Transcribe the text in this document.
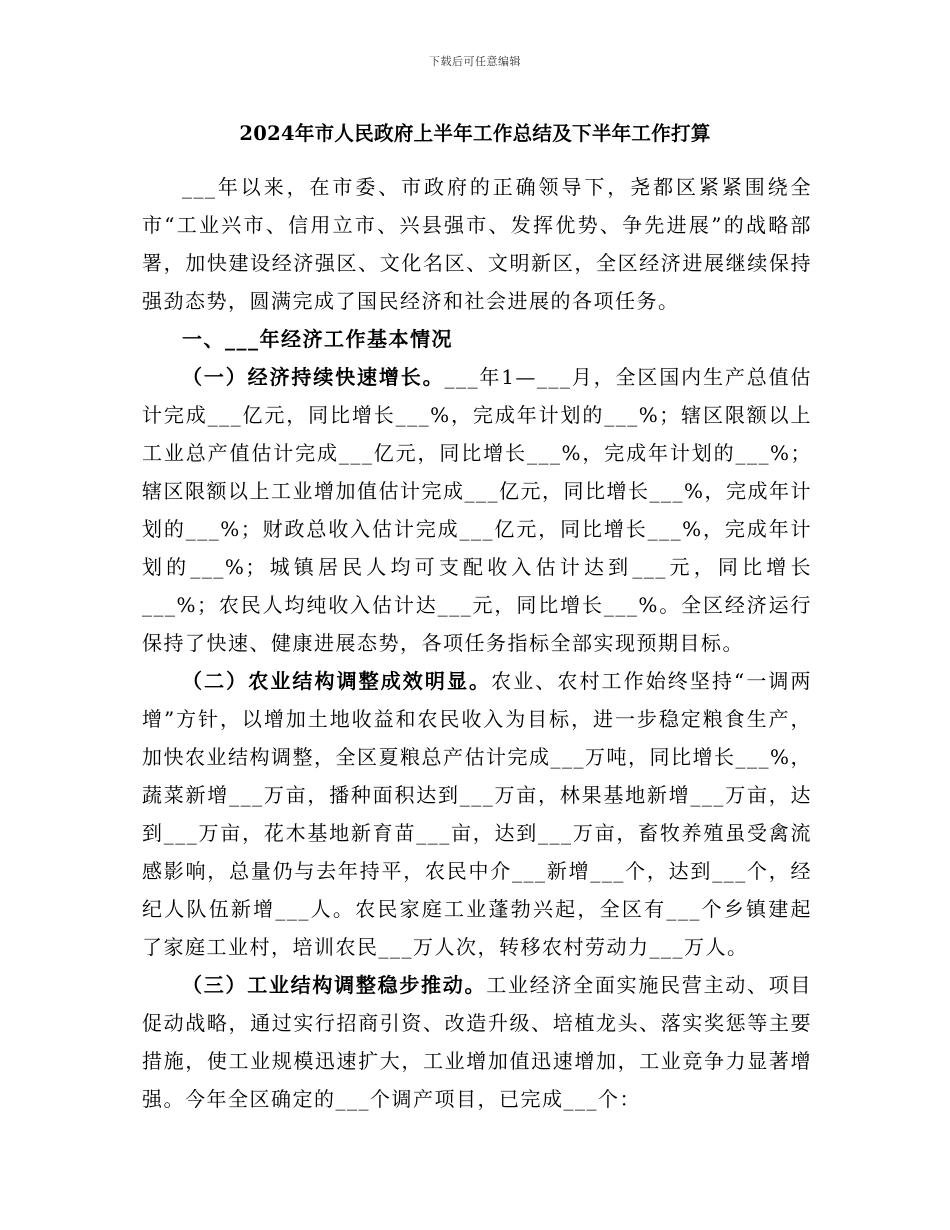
下载后可任意编辑
2024年市人民政府上半年工作总结及下半年工作打算

___年以来，在市委、市政府的正确领导下，尧都区紧紧围绕全市“工业兴市、信用立市、兴县强市、发挥优势、争先进展”的战略部署，加快建设经济强区、文化名区、文明新区，全区经济进展继续保持强劲态势，圆满完成了国民经济和社会进展的各项任务。

一、___年经济工作基本情况

（一）经济持续快速增长。___年1—___月，全区国内生产总值估计完成___亿元，同比增长___%，完成年计划的___%；辖区限额以上工业总产值估计完成___亿元，同比增长___%，完成年计划的___%；辖区限额以上工业增加值估计完成___亿元，同比增长___%，完成年计划的___%；财政总收入估计完成___亿元，同比增长___%，完成年计划的___%；城镇居民人均可支配收入估计达到___元，同比增长___%；农民人均纯收入估计达___元，同比增长___%。全区经济运行保持了快速、健康进展态势，各项任务指标全部实现预期目标。

（二）农业结构调整成效明显。农业、农村工作始终坚持“一调两增”方针，以增加土地收益和农民收入为目标，进一步稳定粮食生产，加快农业结构调整，全区夏粮总产估计完成___万吨，同比增长___%，蔬菜新增___万亩，播种面积达到___万亩，林果基地新增___万亩，达到___万亩，花木基地新育苗___亩，达到___万亩，畜牧养殖虽受禽流感影响，总量仍与去年持平，农民中介___新增___个，达到___个，经纪人队伍新增___人。农民家庭工业蓬勃兴起，全区有___个乡镇建起了家庭工业村，培训农民___万人次，转移农村劳动力___万人。

（三）工业结构调整稳步推动。工业经济全面实施民营主动、项目促动战略，通过实行招商引资、改造升级、培植龙头、落实奖惩等主要措施，使工业规模迅速扩大，工业增加值迅速增加，工业竞争力显著增强。今年全区确定的___个调产项目，已完成___个：
